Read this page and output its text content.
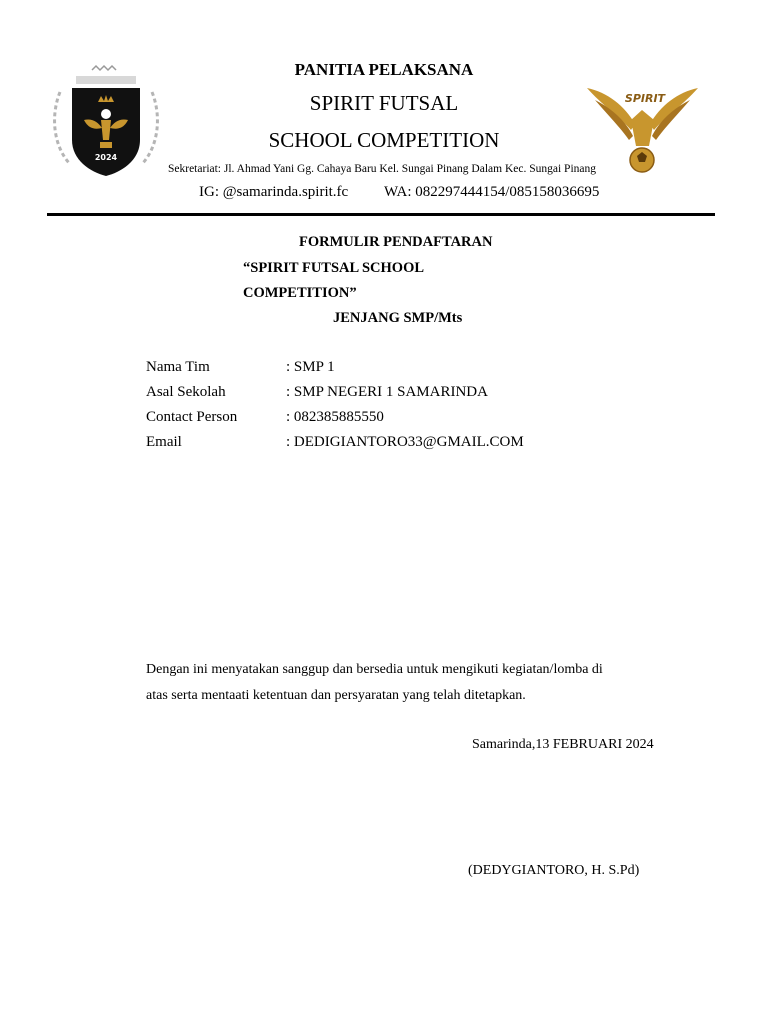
2024
SPIRIT
PANITIA PELAKSANA
SPIRIT FUTSAL
SCHOOL COMPETITION
Sekretariat: Jl. Ahmad Yani Gg. Cahaya Baru Kel. Sungai Pinang Dalam Kec. Sungai Pinang
IG: @samarinda.spirit.fc WA: 082297444154/085158036695
FORMULIR PENDAFTARAN
“SPIRIT FUTSAL SCHOOL
COMPETITION”
JENJANG SMP/Mts
Nama Tim	: SMP 1
Asal Sekolah	: SMP NEGERI 1 SAMARINDA
Contact Person	: 082385885550
Email	: DEDIGIANTORO33@GMAIL.COM
Dengan ini menyatakan sanggup dan bersedia untuk mengikuti kegiatan/lomba di
atas serta mentaati ketentuan dan persyaratan yang telah ditetapkan.
Samarinda,13 FEBRUARI 2024
(DEDYGIANTORO, H. S.Pd)
